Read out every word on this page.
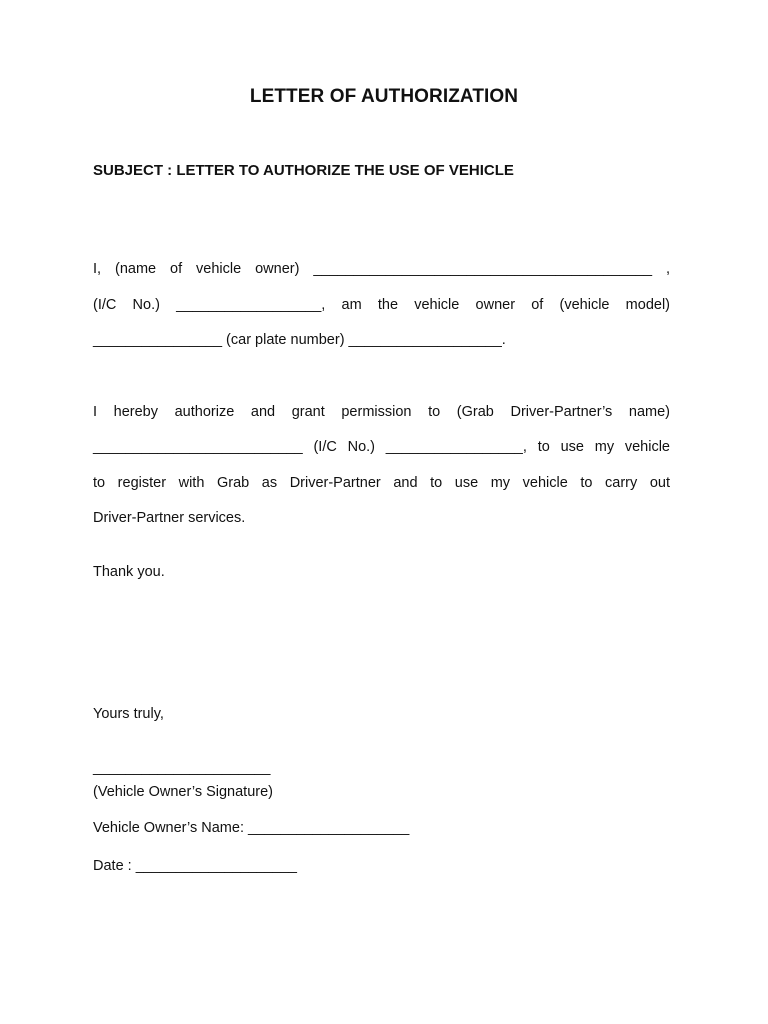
LETTER OF AUTHORIZATION
SUBJECT : LETTER TO AUTHORIZE THE USE OF VEHICLE
I, (name of vehicle owner) __________________________________________ ,
(I/C No.) __________________, am the vehicle owner of (vehicle model)
________________ (car plate number) ___________________.
I hereby authorize and grant permission to (Grab Driver-Partner’s name)
__________________________ (I/C No.) _________________, to use my vehicle
to register with Grab as Driver-Partner and to use my vehicle to carry out
Driver-Partner services.
Thank you.
Yours truly,
______________________
(Vehicle Owner’s Signature)
Vehicle Owner’s Name: ____________________
Date : ____________________
